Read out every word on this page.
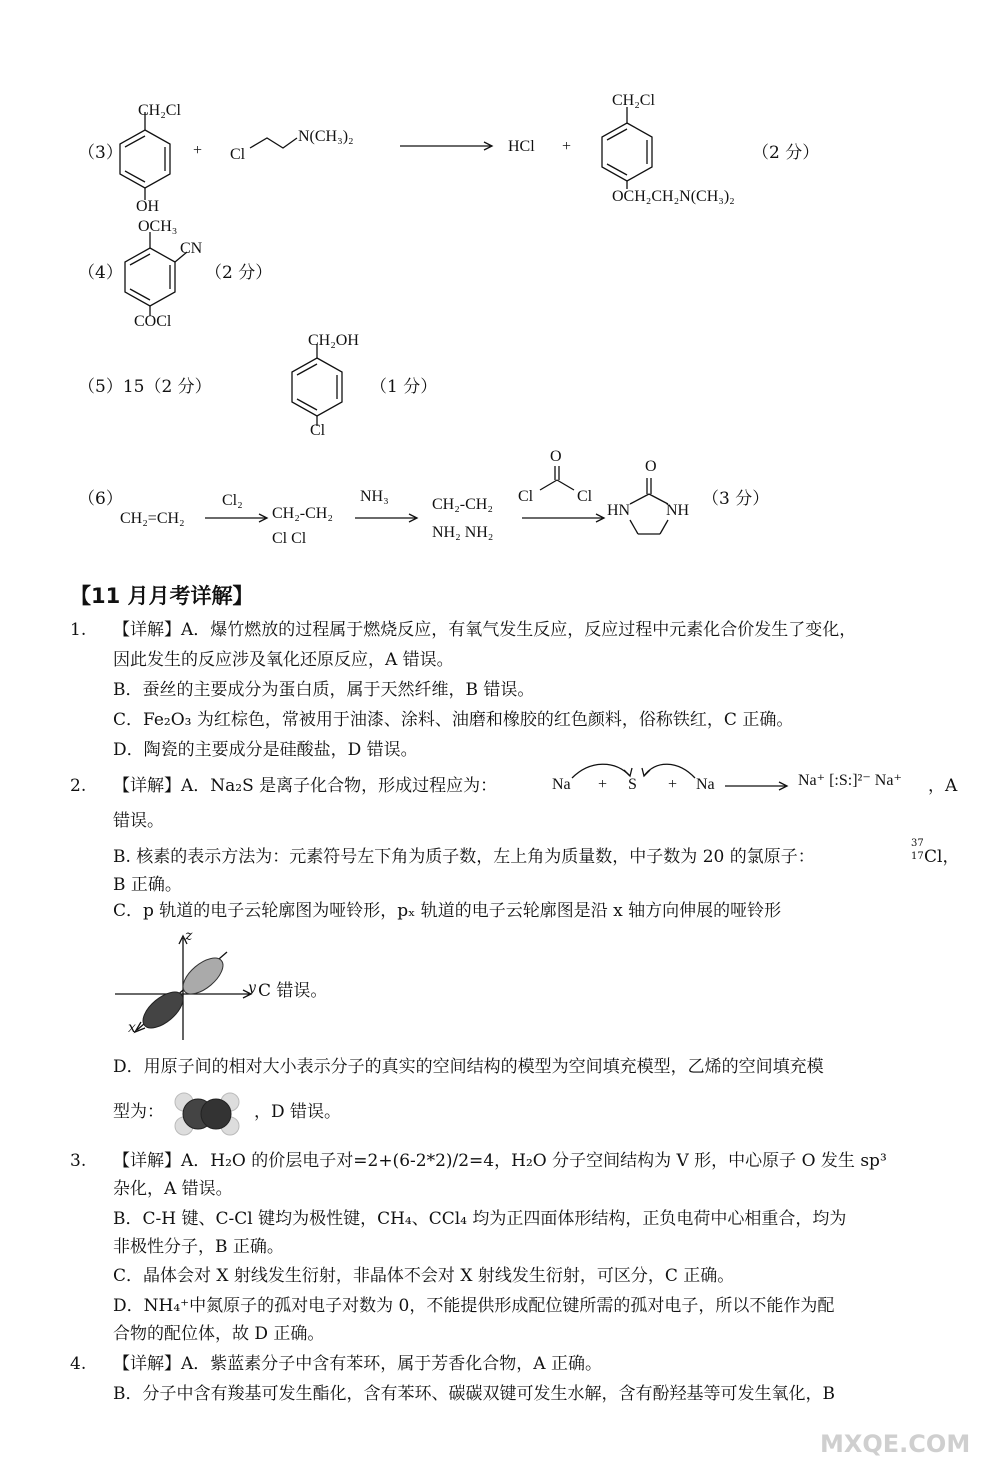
（3）
CH₂Cl
OH
+ Cl
N(CH₃)₂
HCl +
CH₂Cl
OCH₂CH₂N(CH₃)₂
（2 分）
（4）
OCH₃
CN
COCl
（2 分）
（5）15（2 分）
CH₂OH
Cl
（1 分）
（6）
CH₂=CH₂
Cl₂
CH₂-CH₂
Cl Cl
NH₃	CH₂-CH₂
NH₂ NH₂
O
Cl	Cl
O
HN NH
（3 分）
【11 月月考详解】
1. 【详解】A．爆竹燃放的过程属于燃烧反应，有氧气发生反应，反应过程中元素化合价发生了变化，
因此发生的反应涉及氧化还原反应，A 错误。
B．蚕丝的主要成分为蛋白质，属于天然纤维，B 错误。
C．Fe₂O₃ 为红棕色，常被用于油漆、涂料、油磨和橡胶的红色颜料，俗称铁红，C 正确。
D．陶瓷的主要成分是硅酸盐，D 错误。
2. 【详解】A．Na₂S 是离子化合物，形成过程应为：	Na + S + Na	Na⁺ [:S:]²⁻ Na⁺ ，A
错误。
B. 核素的表示方法为：元素符号左下角为质子数，左上角为质量数，中子数为 20 的氯原子：
37
17 Cl，
B 正确。
C．p 轨道的电子云轮廓图为哑铃形，pₓ 轨道的电子云轮廓图是沿 x 轴方向伸展的哑铃形
z
y
x
C 错误。
D．用原子间的相对大小表示分子的真实的空间结构的模型为空间填充模型，乙烯的空间填充模
型为：	，D 错误。
3. 【详解】A．H₂O 的价层电子对=2+(6-2*2)/2=4，H₂O 分子空间结构为 V 形，中心原子 O 发生 sp³
杂化，A 错误。
B．C-H 键、C-Cl 键均为极性键，CH₄、CCl₄ 均为正四面体形结构，正负电荷中心相重合，均为
非极性分子，B 正确。
C．晶体会对 X 射线发生衍射，非晶体不会对 X 射线发生衍射，可区分，C 正确。
D．NH₄⁺中氮原子的孤对电子对数为 0，不能提供形成配位键所需的孤对电子，所以不能作为配
合物的配位体，故 D 正确。
4. 【详解】A．紫蓝素分子中含有苯环，属于芳香化合物，A 正确。
B．分子中含有羧基可发生酯化，含有苯环、碳碳双键可发生水解，含有酚羟基等可发生氧化，B
MXQE.COM
